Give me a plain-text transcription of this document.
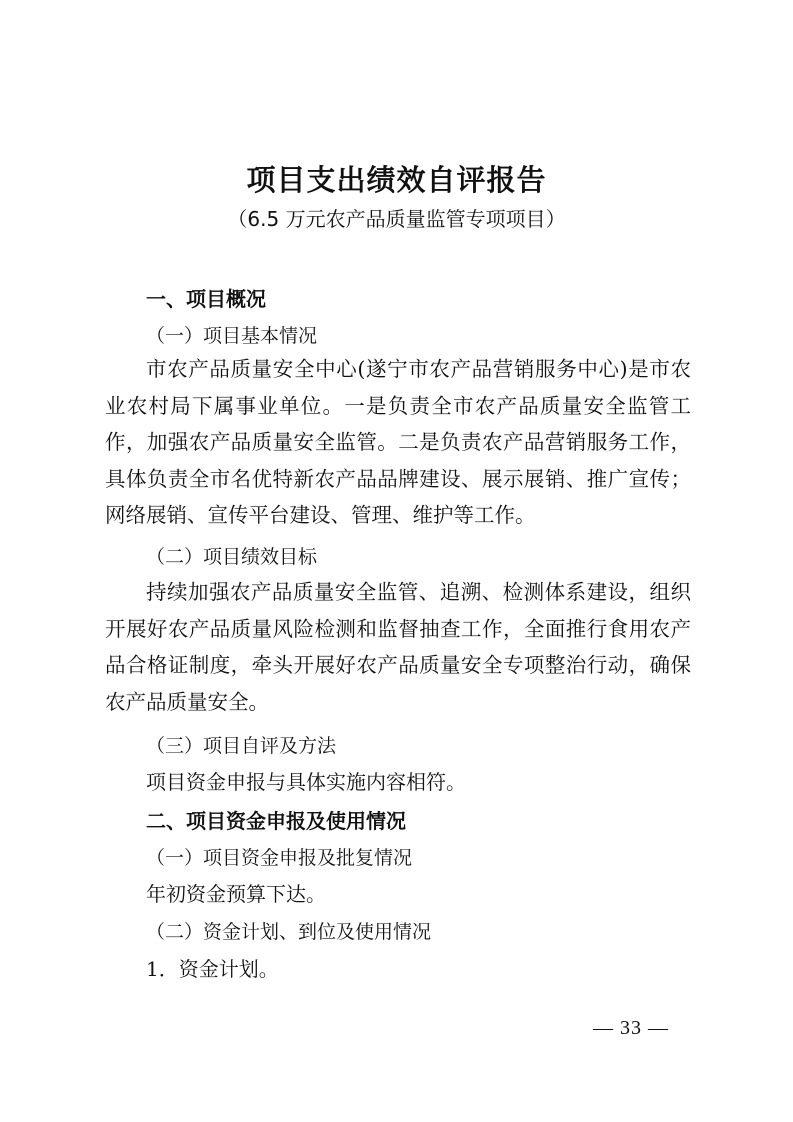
项目支出绩效自评报告
（6.5 万元农产品质量监管专项项目）
一、项目概况
（一）项目基本情况
市农产品质量安全中心(遂宁市农产品营销服务中心)是市农业农村局下属事业单位。一是负责全市农产品质量安全监管工作，加强农产品质量安全监管。二是负责农产品营销服务工作，具体负责全市名优特新农产品品牌建设、展示展销、推广宣传；网络展销、宣传平台建设、管理、维护等工作。
（二）项目绩效目标
持续加强农产品质量安全监管、追溯、检测体系建设，组织开展好农产品质量风险检测和监督抽查工作，全面推行食用农产品合格证制度，牵头开展好农产品质量安全专项整治行动，确保农产品质量安全。
（三）项目自评及方法
项目资金申报与具体实施内容相符。
二、项目资金申报及使用情况
（一）项目资金申报及批复情况
年初资金预算下达。
（二）资金计划、到位及使用情况
1．资金计划。
— 33 —
